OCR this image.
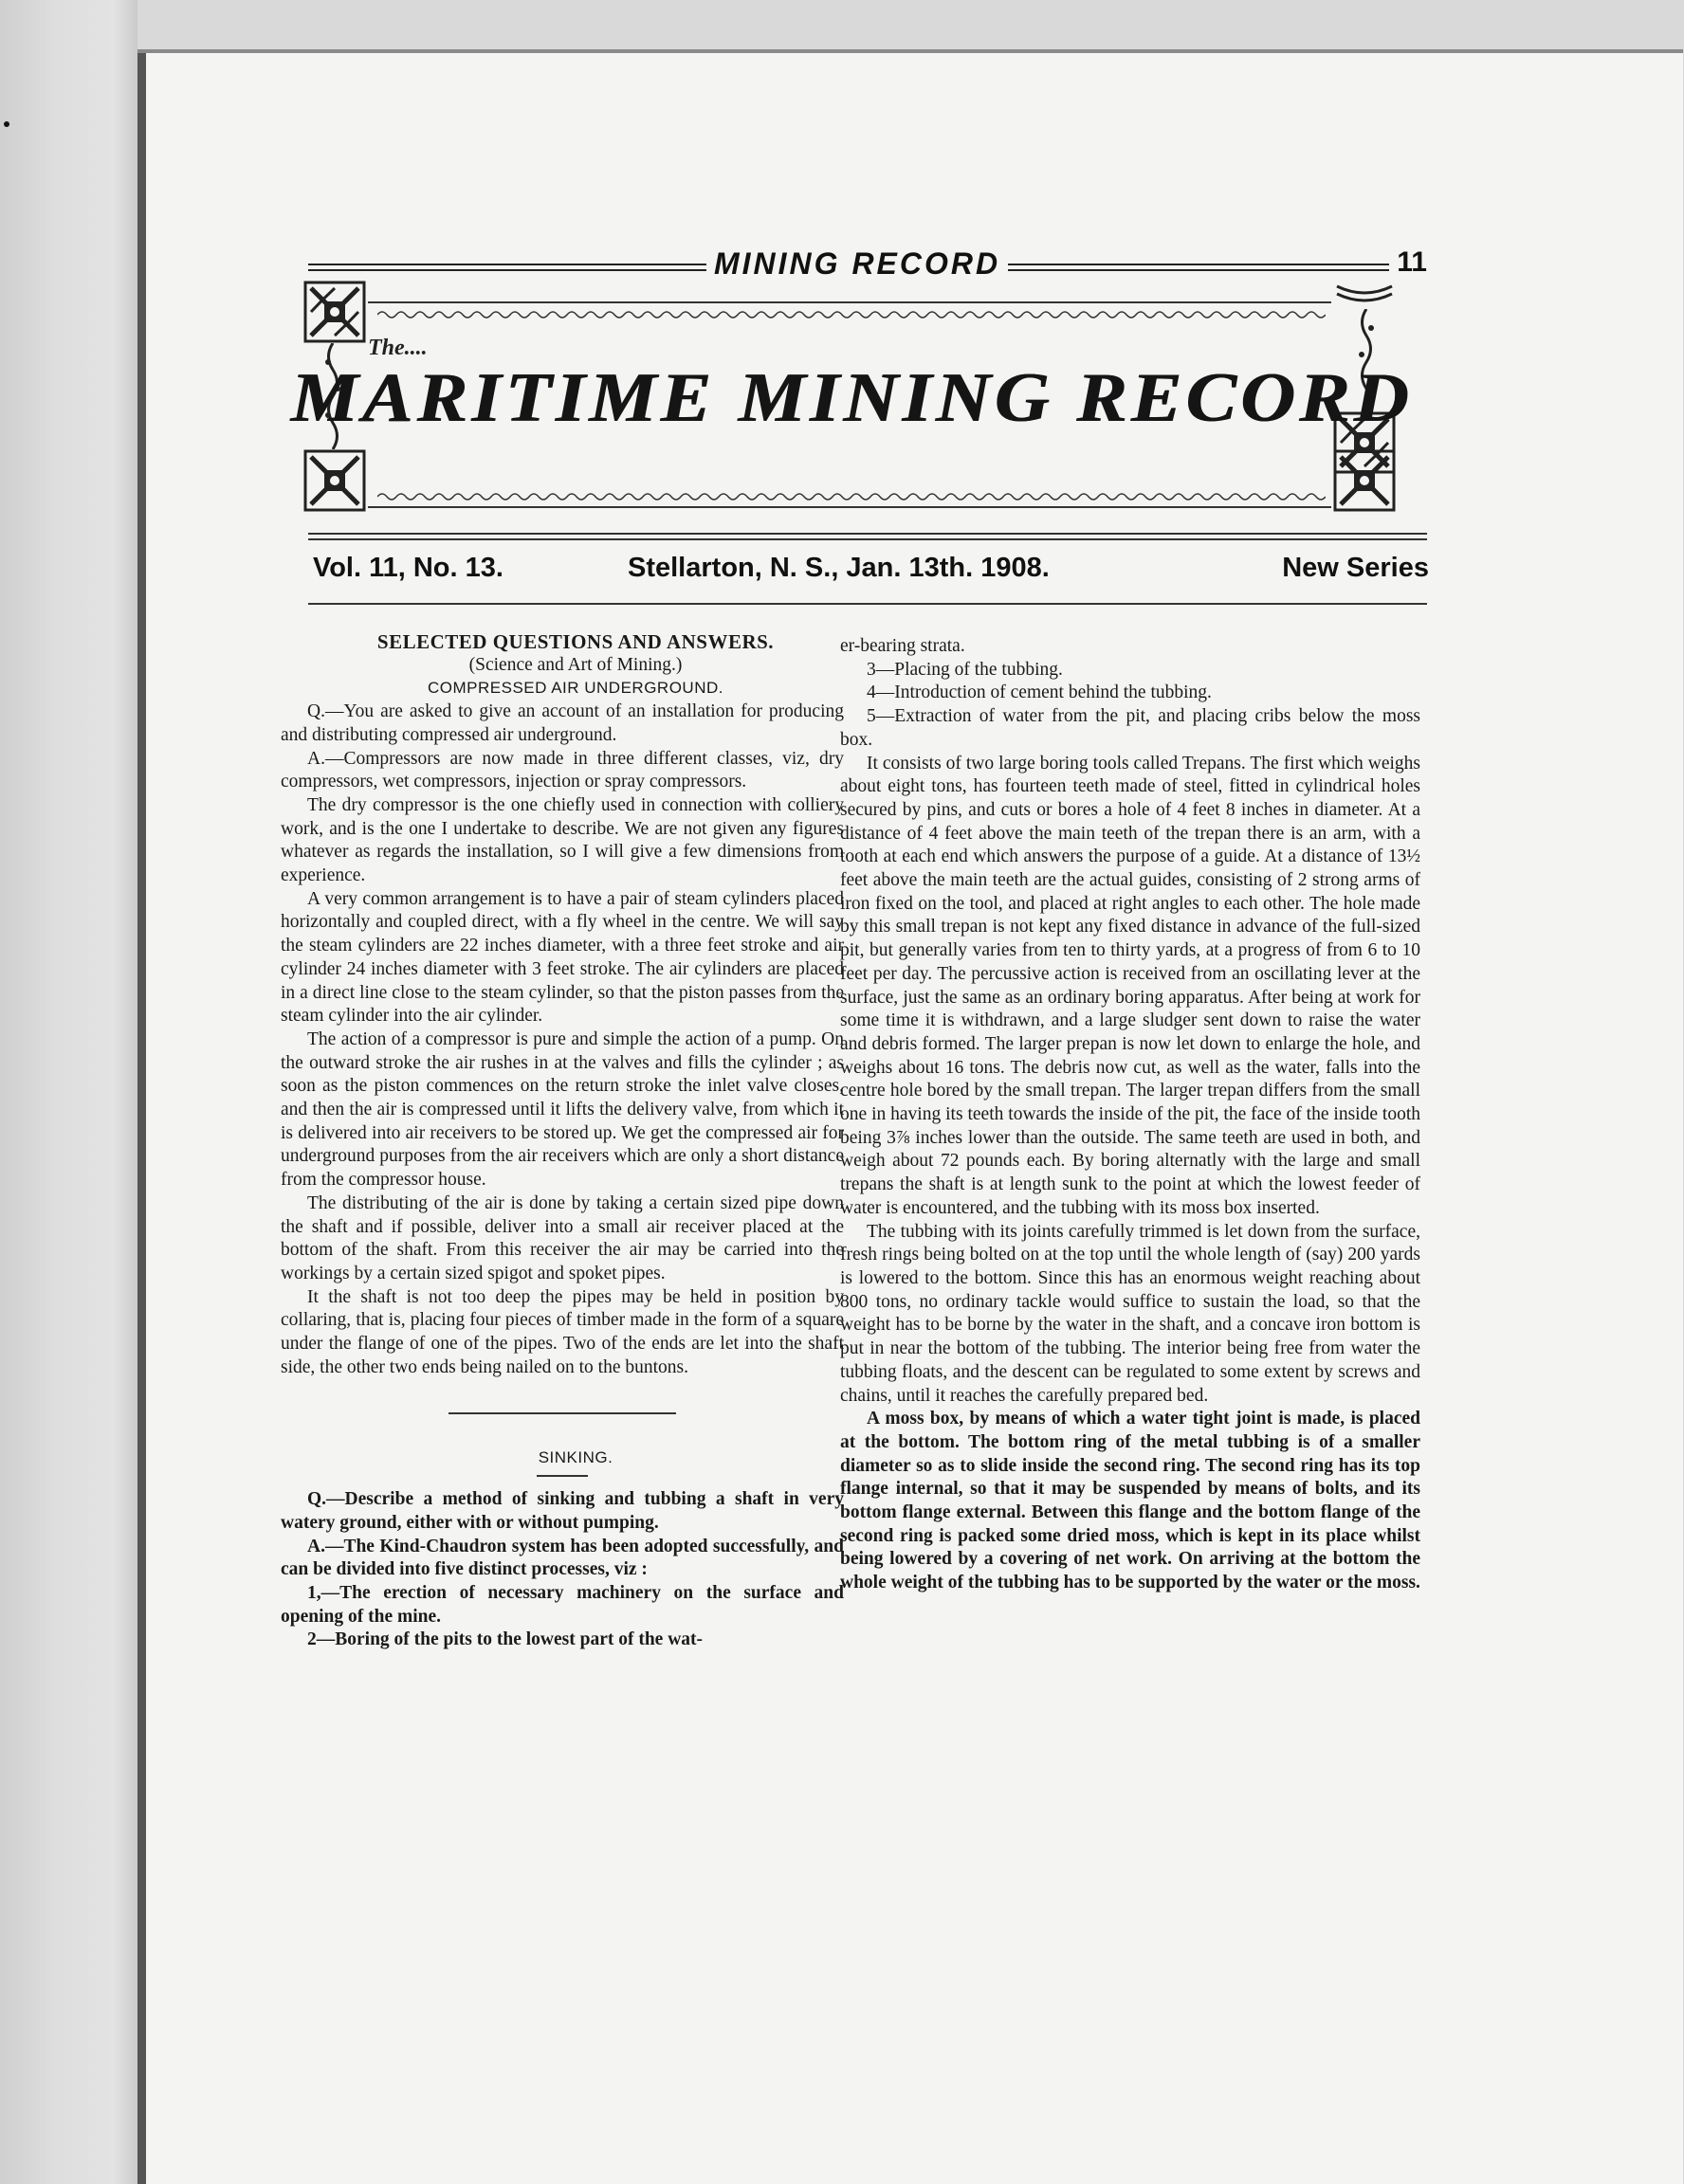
MINING RECORD	11
The....
MARITIME MINING RECORD
Vol. 11, No. 13.	Stellarton, N. S., Jan. 13th. 1908.	New Series

SELECTED QUESTIONS AND ANSWERS.

(Science and Art of Mining.)

COMPRESSED AIR UNDERGROUND.

Q.—You are asked to give an account of an installation for producing and distributing compressed air underground.

A.—Compressors are now made in three different classes, viz, dry compressors, wet compressors, injection or spray compressors.

The dry compressor is the one chiefly used in connection with colliery work, and is the one I undertake to describe. We are not given any figures whatever as regards the installation, so I will give a few dimensions from experience.

A very common arrangement is to have a pair of steam cylinders placed horizontally and coupled direct, with a fly wheel in the centre. We will say the steam cylinders are 22 inches diameter, with a three feet stroke and air cylinder 24 inches diameter with 3 feet stroke. The air cylinders are placed in a direct line close to the steam cylinder, so that the piston passes from the steam cylinder into the air cylinder.

The action of a compressor is pure and simple the action of a pump. On the outward stroke the air rushes in at the valves and fills the cylinder ; as soon as the piston commences on the return stroke the inlet valve closes, and then the air is compressed until it lifts the delivery valve, from which it is delivered into air receivers to be stored up. We get the compressed air for underground purposes from the air receivers which are only a short distance from the compressor house.

The distributing of the air is done by taking a certain sized pipe down the shaft and if possible, deliver into a small air receiver placed at the bottom of the shaft. From this receiver the air may be carried into the workings by a certain sized spigot and spoket pipes.

It the shaft is not too deep the pipes may be held in position by collaring, that is, placing four pieces of timber made in the form of a square under the flange of one of the pipes. Two of the ends are let into the shaft side, the other two ends being nailed on to the buntons.

SINKING.

Q.—Describe a method of sinking and tubbing a shaft in very watery ground, either with or without pumping.

A.—The Kind-Chaudron system has been adopted successfully, and can be divided into five distinct processes, viz :

1,—The erection of necessary machinery on the surface and opening of the mine.

2—Boring of the pits to the lowest part of the wat-

er-bearing strata.

3—Placing of the tubbing.

4—Introduction of cement behind the tubbing.

5—Extraction of water from the pit, and placing cribs below the moss box.

It consists of two large boring tools called Trepans. The first which weighs about eight tons, has fourteen teeth made of steel, fitted in cylindrical holes secured by pins, and cuts or bores a hole of 4 feet 8 inches in diameter. At a distance of 4 feet above the main teeth of the trepan there is an arm, with a tooth at each end which answers the purpose of a guide. At a distance of 13½ feet above the main teeth are the actual guides, consisting of 2 strong arms of iron fixed on the tool, and placed at right angles to each other. The hole made by this small trepan is not kept any fixed distance in advance of the full-sized pit, but generally varies from ten to thirty yards, at a progress of from 6 to 10 feet per day. The percussive action is received from an oscillating lever at the surface, just the same as an ordinary boring apparatus. After being at work for some time it is withdrawn, and a large sludger sent down to raise the water and debris formed. The larger prepan is now let down to enlarge the hole, and weighs about 16 tons. The debris now cut, as well as the water, falls into the centre hole bored by the small trepan. The larger trepan differs from the small one in having its teeth towards the inside of the pit, the face of the inside tooth being 3⅞ inches lower than the outside. The same teeth are used in both, and weigh about 72 pounds each. By boring alternatly with the large and small trepans the shaft is at length sunk to the point at which the lowest feeder of water is encountered, and the tubbing with its moss box inserted.

The tubbing with its joints carefully trimmed is let down from the surface, fresh rings being bolted on at the top until the whole length of (say) 200 yards is lowered to the bottom. Since this has an enormous weight reaching about 800 tons, no ordinary tackle would suffice to sustain the load, so that the weight has to be borne by the water in the shaft, and a concave iron bottom is put in near the bottom of the tubbing. The interior being free from water the tubbing floats, and the descent can be regulated to some extent by screws and chains, until it reaches the carefully prepared bed.

A moss box, by means of which a water tight joint is made, is placed at the bottom. The bottom ring of the metal tubbing is of a smaller diameter so as to slide inside the second ring. The second ring has its top flange internal, so that it may be suspended by means of bolts, and its bottom flange external. Between this flange and the bottom flange of the second ring is packed some dried moss, which is kept in its place whilst being lowered by a covering of net work. On arriving at the bottom the whole weight of the tubbing has to be supported by the water or the moss.
